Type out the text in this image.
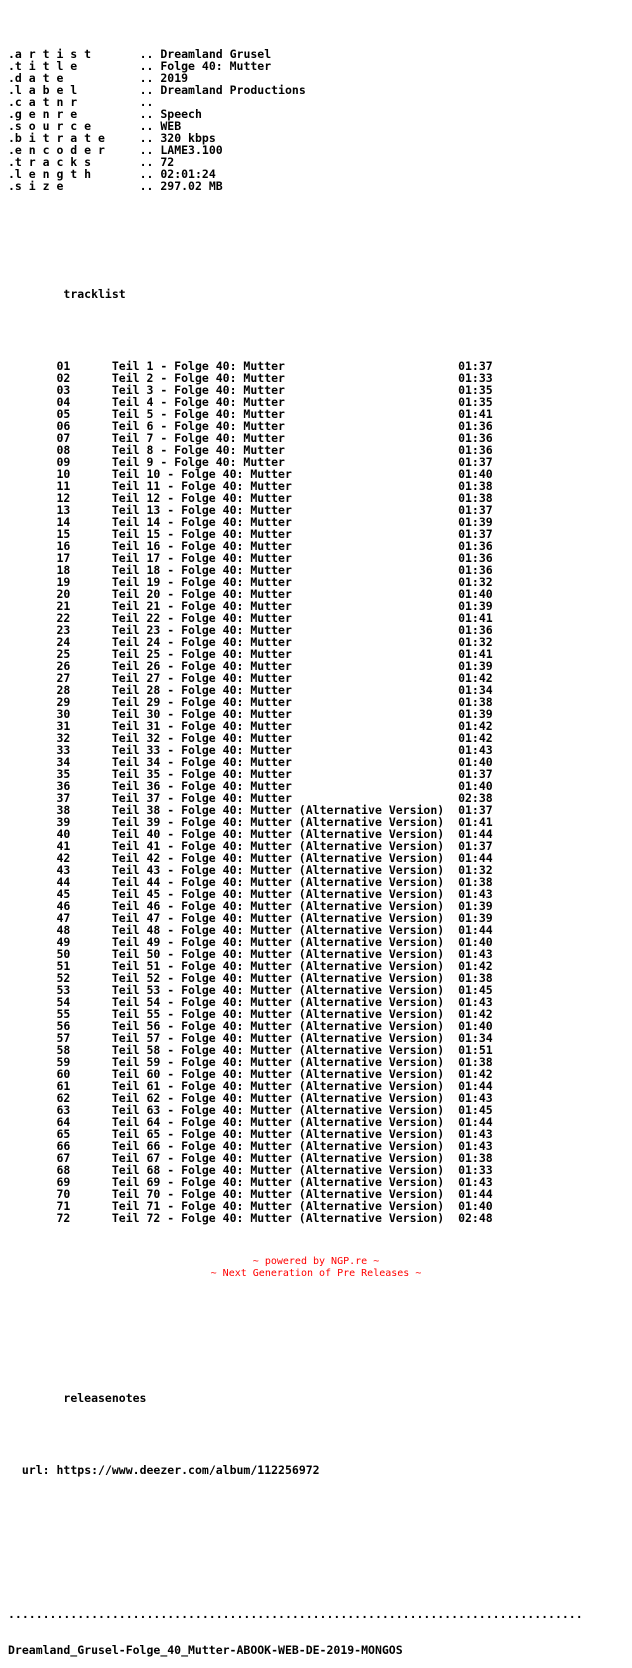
.a r t i s t	.. Dreamland Grusel
.t i t l e	.. Folge 40: Mutter
.d a t e	.. 2019
.l a b e l	.. Dreamland Productions
.c a t n r	..
.g e n r e	.. Speech
.s o u r c e	.. WEB
.b i t r a t e	.. 320 kbps
.e n c o d e r	.. LAME3.100
.t r a c k s	.. 72
.l e n g t h	.. 02:01:24
.s i z e	.. 297.02 MB

tracklist

01	Teil 1 - Folge 40: Mutter	01:37
02	Teil 2 - Folge 40: Mutter	01:33
03	Teil 3 - Folge 40: Mutter	01:35
04	Teil 4 - Folge 40: Mutter	01:35
05	Teil 5 - Folge 40: Mutter	01:41
06	Teil 6 - Folge 40: Mutter	01:36
07	Teil 7 - Folge 40: Mutter	01:36
08	Teil 8 - Folge 40: Mutter	01:36
09	Teil 9 - Folge 40: Mutter	01:37
10	Teil 10 - Folge 40: Mutter	01:40
11	Teil 11 - Folge 40: Mutter	01:38
12	Teil 12 - Folge 40: Mutter	01:38
13	Teil 13 - Folge 40: Mutter	01:37
14	Teil 14 - Folge 40: Mutter	01:39
15	Teil 15 - Folge 40: Mutter	01:37
16	Teil 16 - Folge 40: Mutter	01:36
17	Teil 17 - Folge 40: Mutter	01:36
18	Teil 18 - Folge 40: Mutter	01:36
19	Teil 19 - Folge 40: Mutter	01:32
20	Teil 20 - Folge 40: Mutter	01:40
21	Teil 21 - Folge 40: Mutter	01:39
22	Teil 22 - Folge 40: Mutter	01:41
23	Teil 23 - Folge 40: Mutter	01:36
24	Teil 24 - Folge 40: Mutter	01:32
25	Teil 25 - Folge 40: Mutter	01:41
26	Teil 26 - Folge 40: Mutter	01:39
27	Teil 27 - Folge 40: Mutter	01:42
28	Teil 28 - Folge 40: Mutter	01:34
29	Teil 29 - Folge 40: Mutter	01:38
30	Teil 30 - Folge 40: Mutter	01:39
31	Teil 31 - Folge 40: Mutter	01:42
32	Teil 32 - Folge 40: Mutter	01:42
33	Teil 33 - Folge 40: Mutter	01:43
34	Teil 34 - Folge 40: Mutter	01:40
35	Teil 35 - Folge 40: Mutter	01:37
36	Teil 36 - Folge 40: Mutter	01:40
37	Teil 37 - Folge 40: Mutter	02:38
38	Teil 38 - Folge 40: Mutter (Alternative Version) 01:37
39	Teil 39 - Folge 40: Mutter (Alternative Version) 01:41
40	Teil 40 - Folge 40: Mutter (Alternative Version) 01:44
41	Teil 41 - Folge 40: Mutter (Alternative Version) 01:37
42	Teil 42 - Folge 40: Mutter (Alternative Version) 01:44
43	Teil 43 - Folge 40: Mutter (Alternative Version) 01:32
44	Teil 44 - Folge 40: Mutter (Alternative Version) 01:38
45	Teil 45 - Folge 40: Mutter (Alternative Version) 01:43
46	Teil 46 - Folge 40: Mutter (Alternative Version) 01:39
47	Teil 47 - Folge 40: Mutter (Alternative Version) 01:39
48	Teil 48 - Folge 40: Mutter (Alternative Version) 01:44
49	Teil 49 - Folge 40: Mutter (Alternative Version) 01:40
50	Teil 50 - Folge 40: Mutter (Alternative Version) 01:43
51	Teil 51 - Folge 40: Mutter (Alternative Version) 01:42
52	Teil 52 - Folge 40: Mutter (Alternative Version) 01:38
53	Teil 53 - Folge 40: Mutter (Alternative Version) 01:45
54	Teil 54 - Folge 40: Mutter (Alternative Version) 01:43
55	Teil 55 - Folge 40: Mutter (Alternative Version) 01:42
56	Teil 56 - Folge 40: Mutter (Alternative Version) 01:40
57	Teil 57 - Folge 40: Mutter (Alternative Version) 01:34
58	Teil 58 - Folge 40: Mutter (Alternative Version) 01:51
59	Teil 59 - Folge 40: Mutter (Alternative Version) 01:38
60	Teil 60 - Folge 40: Mutter (Alternative Version) 01:42
61	Teil 61 - Folge 40: Mutter (Alternative Version) 01:44
62	Teil 62 - Folge 40: Mutter (Alternative Version) 01:43
63	Teil 63 - Folge 40: Mutter (Alternative Version) 01:45
64	Teil 64 - Folge 40: Mutter (Alternative Version) 01:44
65	Teil 65 - Folge 40: Mutter (Alternative Version) 01:43
66	Teil 66 - Folge 40: Mutter (Alternative Version) 01:43
67	Teil 67 - Folge 40: Mutter (Alternative Version) 01:38
68	Teil 68 - Folge 40: Mutter (Alternative Version) 01:33
69	Teil 69 - Folge 40: Mutter (Alternative Version) 01:43
70	Teil 70 - Folge 40: Mutter (Alternative Version) 01:44
71	Teil 71 - Folge 40: Mutter (Alternative Version) 01:40
72	Teil 72 - Folge 40: Mutter (Alternative Version) 02:48

releasenotes

url: https://www.deezer.com/album/112256972

...................................................................................

Dreamland_Grusel-Folge_40_Mutter-ABOOK-WEB-DE-2019-MONGOS

~ powered by NGP.re ~
~ Next Generation of Pre Releases ~
